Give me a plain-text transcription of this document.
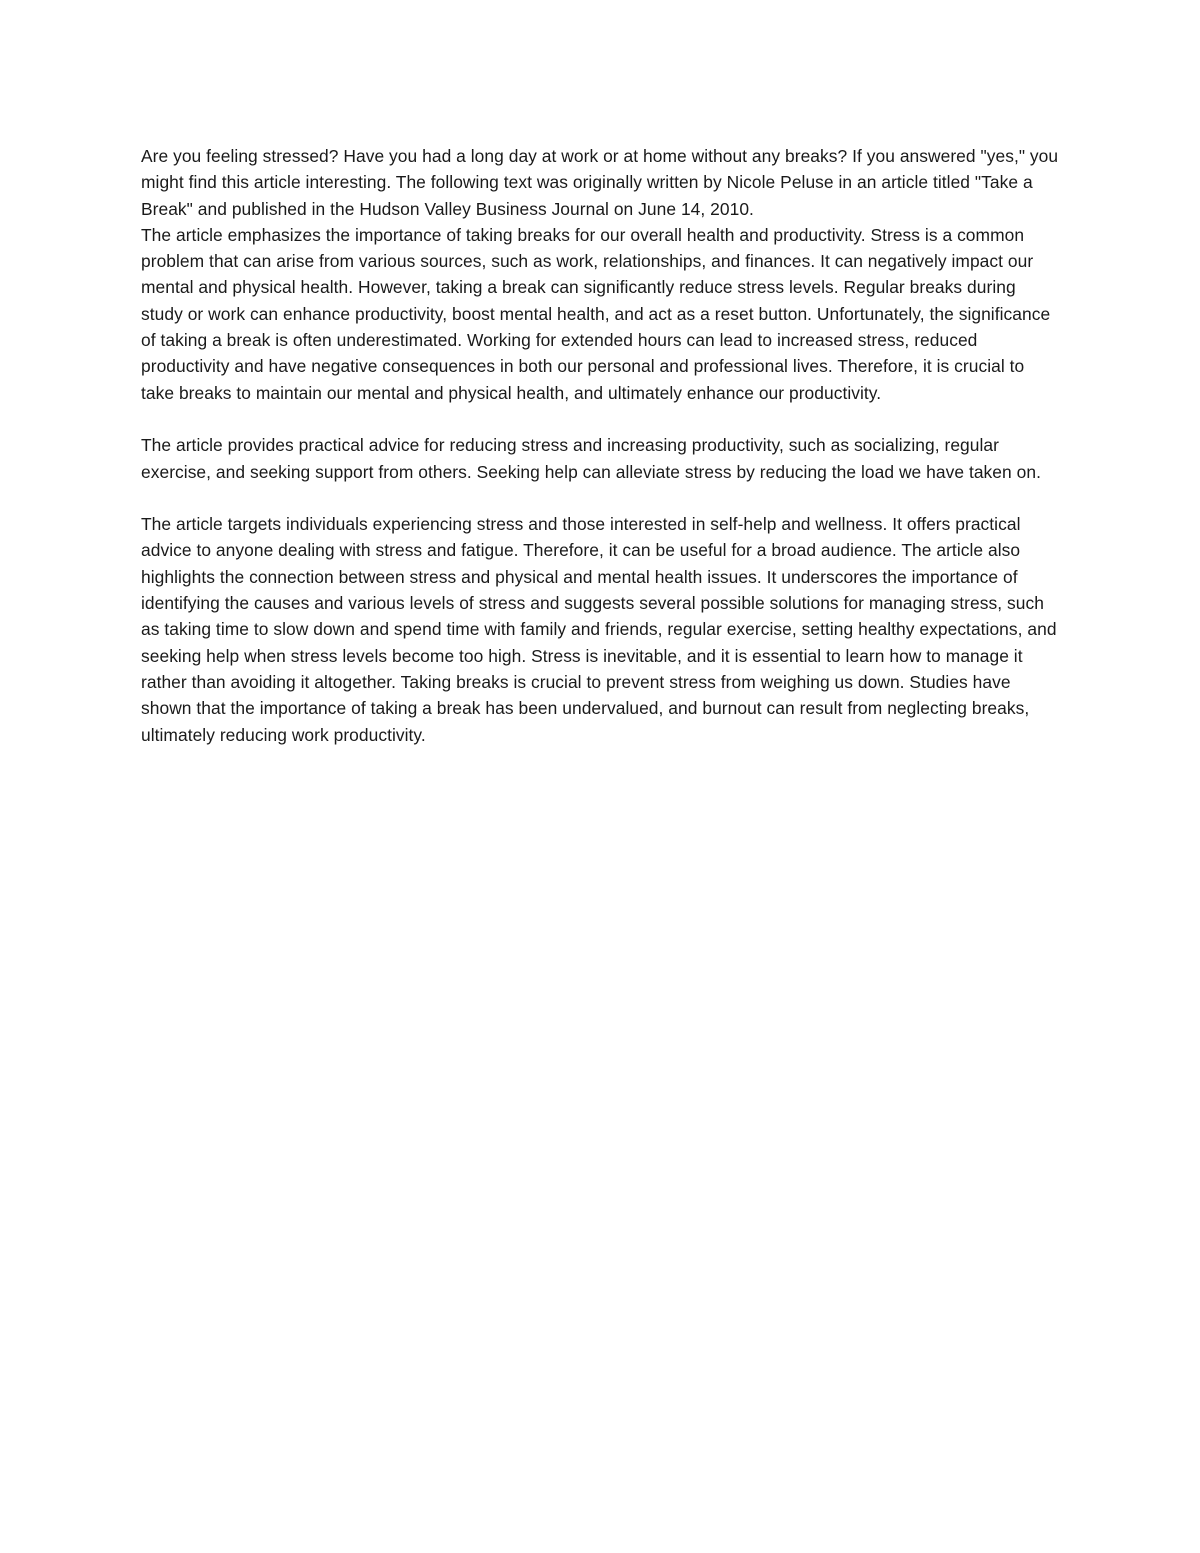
Are you feeling stressed? Have you had a long day at work or at home without any breaks? If you answered "yes," you might find this article interesting. The following text was originally written by Nicole Peluse in an article titled "Take a Break" and published in the Hudson Valley Business Journal on June 14, 2010.

The article emphasizes the importance of taking breaks for our overall health and productivity. Stress is a common problem that can arise from various sources, such as work, relationships, and finances. It can negatively impact our mental and physical health. However, taking a break can significantly reduce stress levels. Regular breaks during study or work can enhance productivity, boost mental health, and act as a reset button. Unfortunately, the significance of taking a break is often underestimated. Working for extended hours can lead to increased stress, reduced productivity and have negative consequences in both our personal and professional lives. Therefore, it is crucial to take breaks to maintain our mental and physical health, and ultimately enhance our productivity.

The article provides practical advice for reducing stress and increasing productivity, such as socializing, regular exercise, and seeking support from others. Seeking help can alleviate stress by reducing the load we have taken on.

The article targets individuals experiencing stress and those interested in self-help and wellness. It offers practical advice to anyone dealing with stress and fatigue. Therefore, it can be useful for a broad audience. The article also highlights the connection between stress and physical and mental health issues. It underscores the importance of identifying the causes and various levels of stress and suggests several possible solutions for managing stress, such as taking time to slow down and spend time with family and friends, regular exercise, setting healthy expectations, and seeking help when stress levels become too high. Stress is inevitable, and it is essential to learn how to manage it rather than avoiding it altogether. Taking breaks is crucial to prevent stress from weighing us down. Studies have shown that the importance of taking a break has been undervalued, and burnout can result from neglecting breaks, ultimately reducing work productivity.
